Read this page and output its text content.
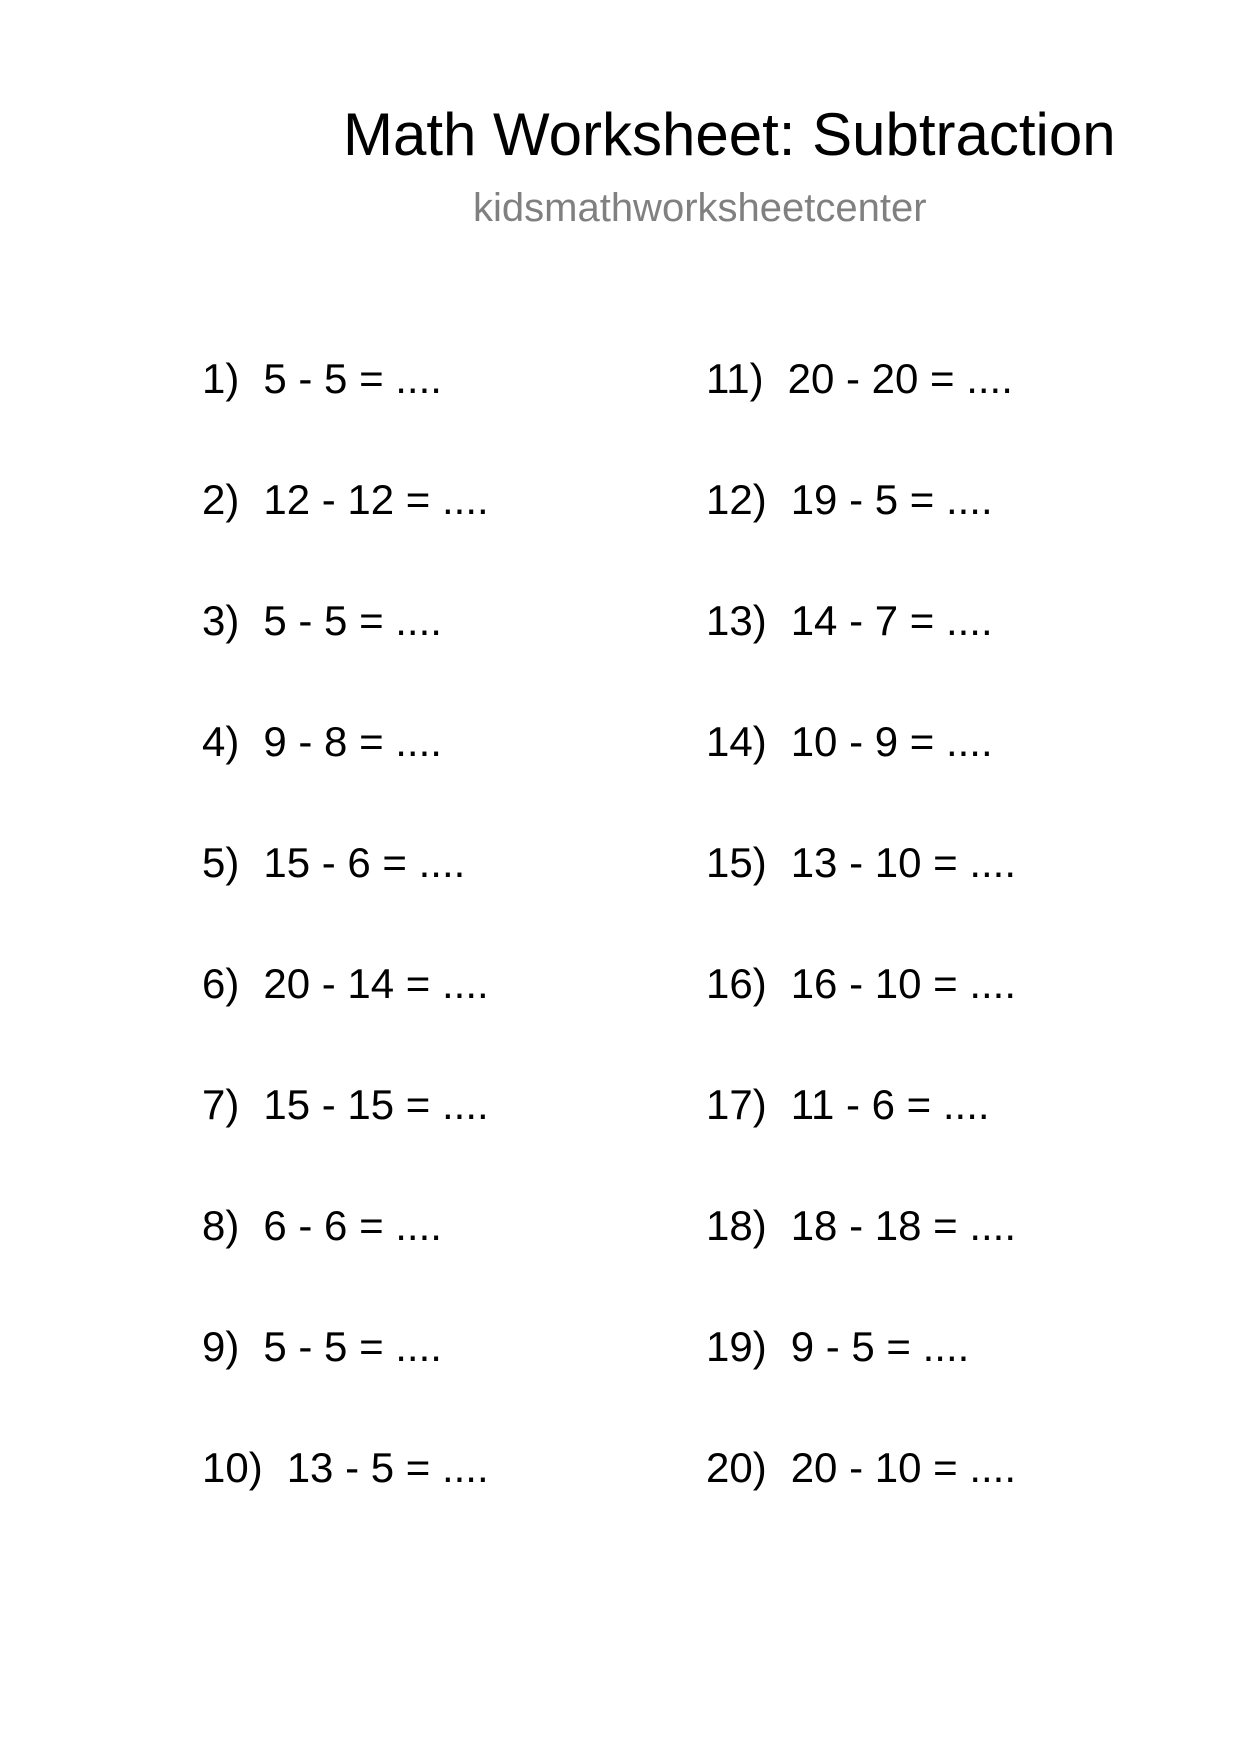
Math Worksheet: Subtraction
kidsmathworksheetcenter
1) 5 - 5 = ....
2) 12 - 12 = ....
3) 5 - 5 = ....
4) 9 - 8 = ....
5) 15 - 6 = ....
6) 20 - 14 = ....
7) 15 - 15 = ....
8) 6 - 6 = ....
9) 5 - 5 = ....
10) 13 - 5 = ....
11) 20 - 20 = ....
12) 19 - 5 = ....
13) 14 - 7 = ....
14) 10 - 9 = ....
15) 13 - 10 = ....
16) 16 - 10 = ....
17) 11 - 6 = ....
18) 18 - 18 = ....
19) 9 - 5 = ....
20) 20 - 10 = ....
